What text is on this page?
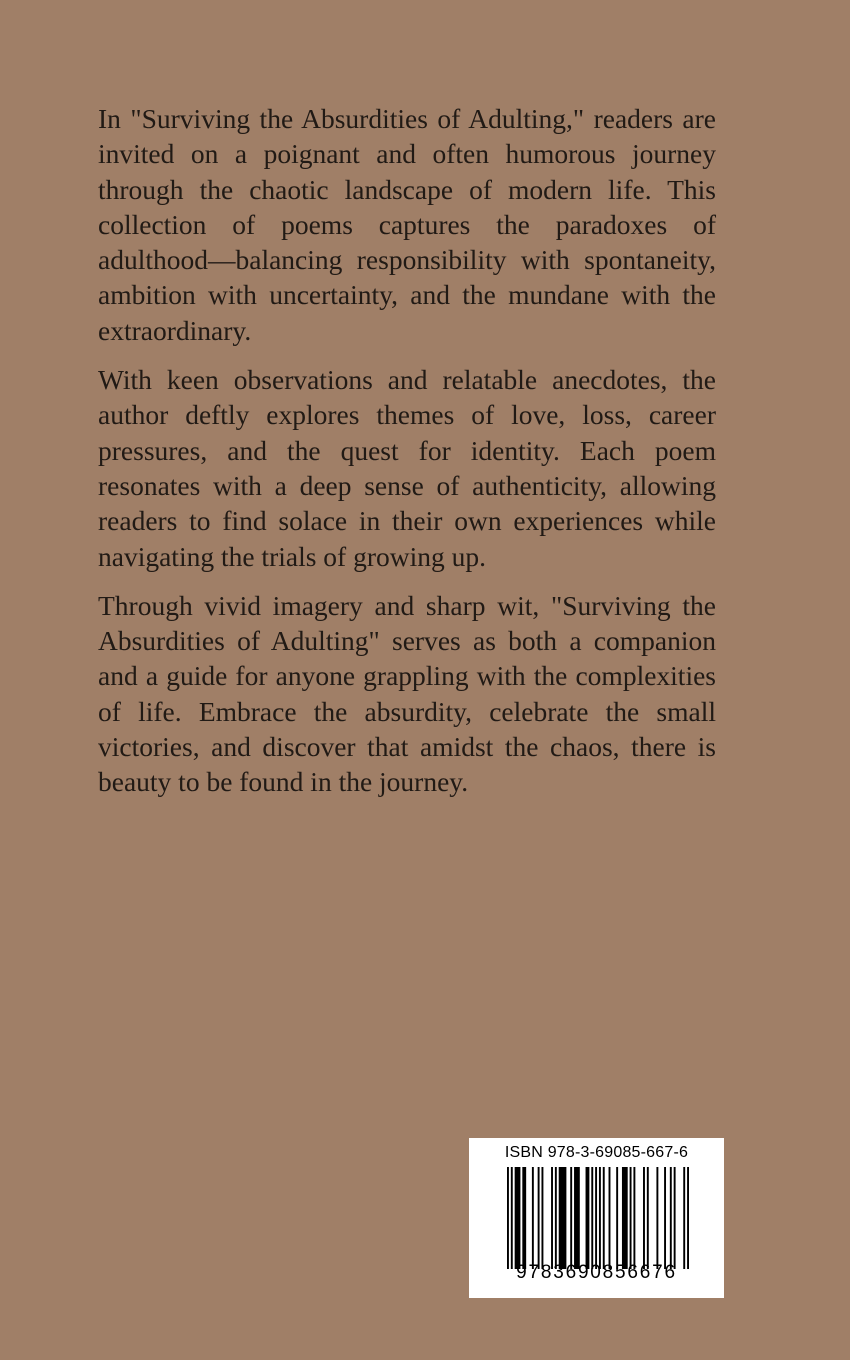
In "Surviving the Absurdities of Adulting," readers are invited on a poignant and often humorous journey through the chaotic landscape of modern life. This collection of poems captures the paradoxes of adulthood—balancing responsibility with spontaneity, ambition with uncertainty, and the mundane with the extraordinary.

With keen observations and relatable anecdotes, the author deftly explores themes of love, loss, career pressures, and the quest for identity. Each poem resonates with a deep sense of authenticity, allowing readers to find solace in their own experiences while navigating the trials of growing up.

Through vivid imagery and sharp wit, "Surviving the Absurdities of Adulting" serves as both a companion and a guide for anyone grappling with the complexities of life. Embrace the absurdity, celebrate the small victories, and discover that amidst the chaos, there is beauty to be found in the journey.

ISBN 978-3-69085-667-6
9783690856676
